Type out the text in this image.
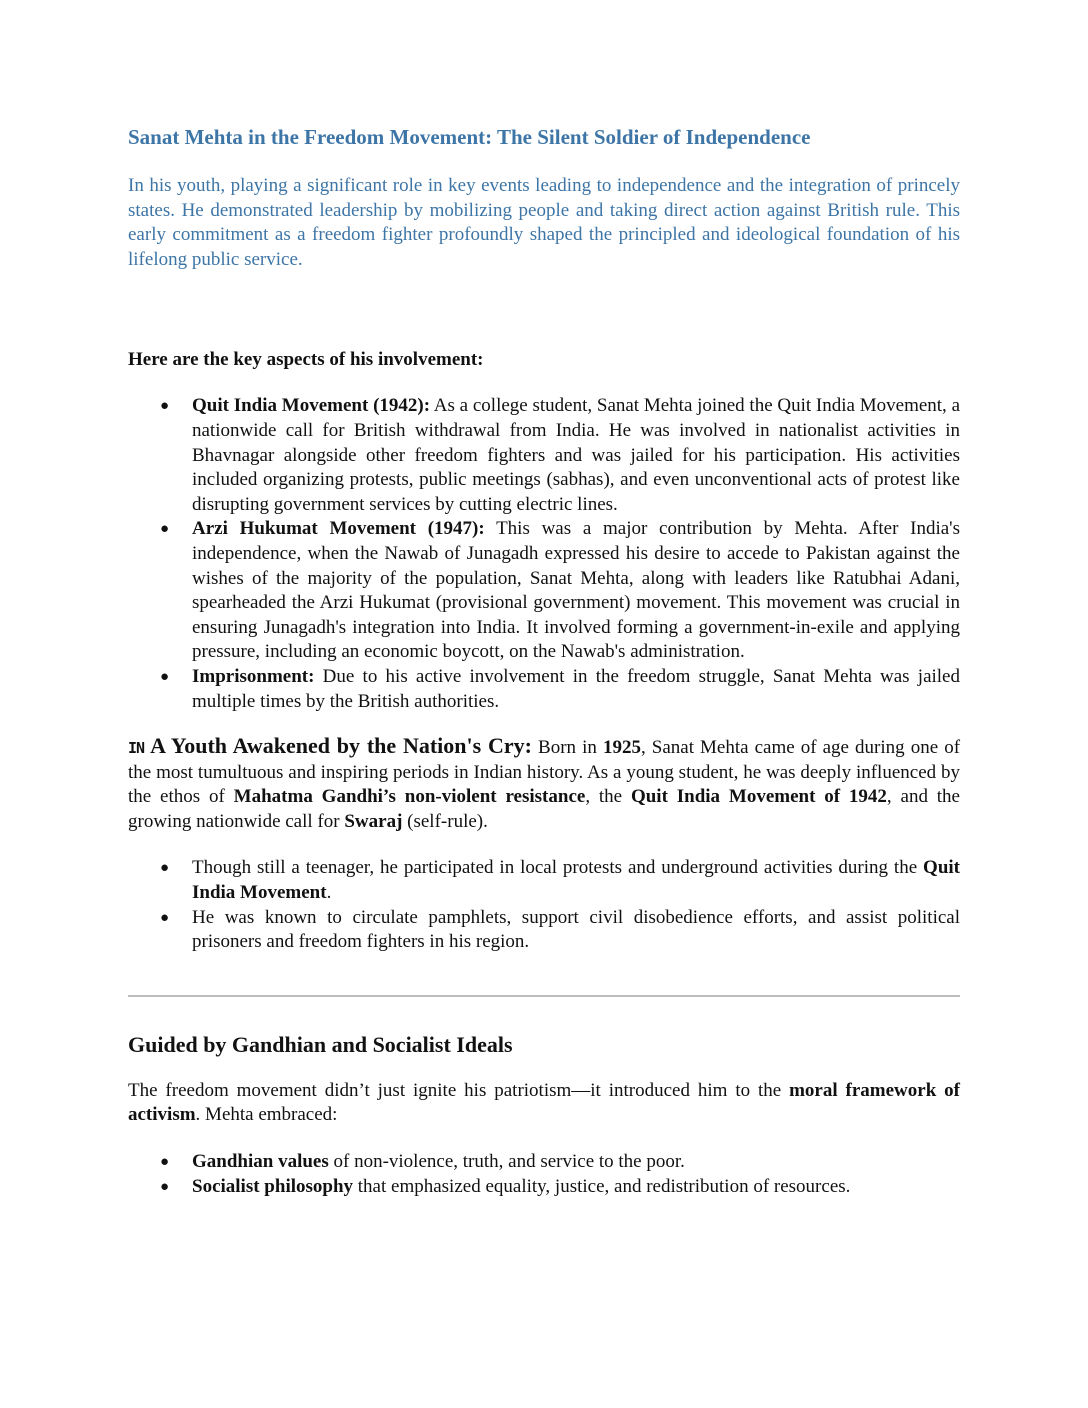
Sanat Mehta in the Freedom Movement: The Silent Soldier of Independence

In his youth, playing a significant role in key events leading to independence and the integration of princely states. He demonstrated leadership by mobilizing people and taking direct action against British rule. This early commitment as a freedom fighter profoundly shaped the principled and ideological foundation of his lifelong public service.

Here are the key aspects of his involvement:

● Quit India Movement (1942): As a college student, Sanat Mehta joined the Quit India Movement, a nationwide call for British withdrawal from India. He was involved in nationalist activities in Bhavnagar alongside other freedom fighters and was jailed for his participation. His activities included organizing protests, public meetings (sabhas), and even unconventional acts of protest like disrupting government services by cutting electric lines.
● Arzi Hukumat Movement (1947): This was a major contribution by Mehta. After India's independence, when the Nawab of Junagadh expressed his desire to accede to Pakistan against the wishes of the majority of the population, Sanat Mehta, along with leaders like Ratubhai Adani, spearheaded the Arzi Hukumat (provisional government) movement. This movement was crucial in ensuring Junagadh's integration into India. It involved forming a government-in-exile and applying pressure, including an economic boycott, on the Nawab's administration.
● Imprisonment: Due to his active involvement in the freedom struggle, Sanat Mehta was jailed multiple times by the British authorities.

IN A Youth Awakened by the Nation's Cry: Born in 1925, Sanat Mehta came of age during one of the most tumultuous and inspiring periods in Indian history. As a young student, he was deeply influenced by the ethos of Mahatma Gandhi’s non-violent resistance, the Quit India Movement of 1942, and the growing nationwide call for Swaraj (self-rule).

● Though still a teenager, he participated in local protests and underground activities during the Quit India Movement.
● He was known to circulate pamphlets, support civil disobedience efforts, and assist political prisoners and freedom fighters in his region.
Guided by Gandhian and Socialist Ideals

The freedom movement didn’t just ignite his patriotism—it introduced him to the moral framework of activism. Mehta embraced:

● Gandhian values of non-violence, truth, and service to the poor.
● Socialist philosophy that emphasized equality, justice, and redistribution of resources.
